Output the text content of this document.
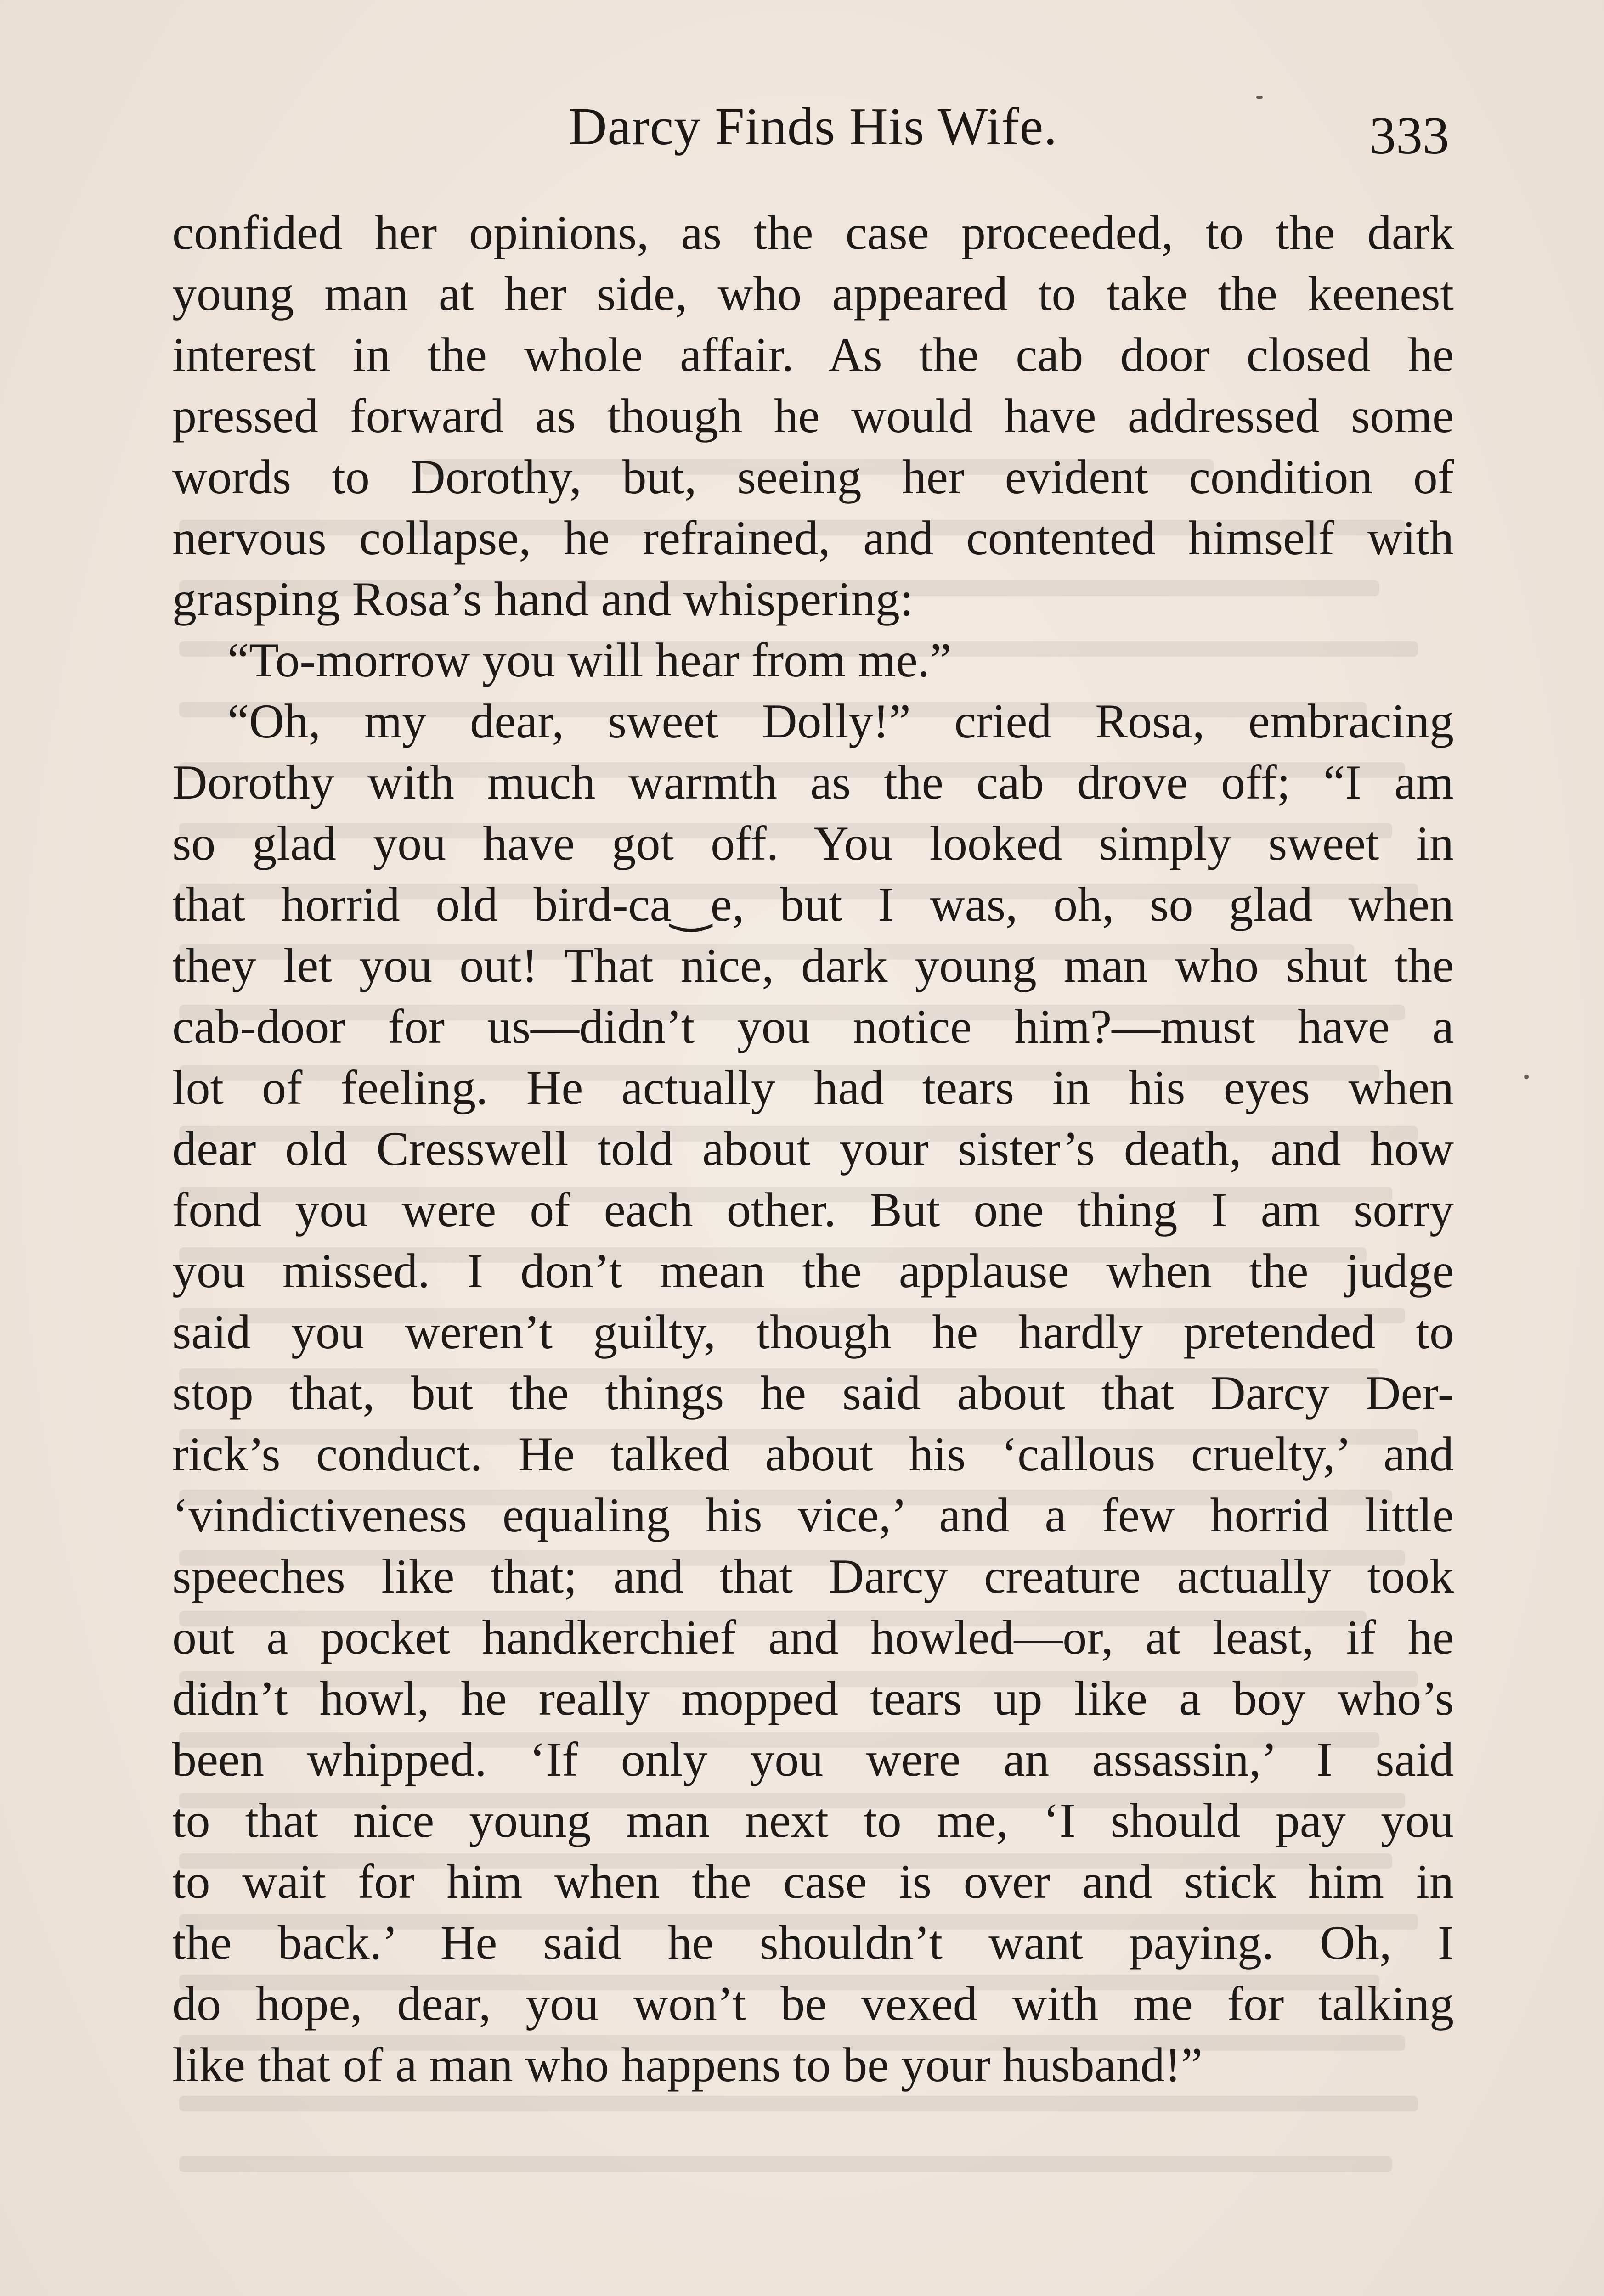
Darcy Finds His Wife.	333
confided her opinions, as the case proceeded, to the dark
young man at her side, who appeared to take the keenest
interest in the whole affair. As the cab door closed he
pressed forward as though he would have addressed some
words to Dorothy, but, seeing her evident condition of
nervous collapse, he refrained, and contented himself with
grasping Rosa’s hand and whispering:
“To-morrow you will hear from me.”
“Oh, my dear, sweet Dolly!” cried Rosa, embracing
Dorothy with much warmth as the cab drove off; “I am
so glad you have got off. You looked simply sweet in
that horrid old bird-ca‿e, but I was, oh, so glad when
they let you out! That nice, dark young man who shut the
cab-door for us—didn’t you notice him?—must have a
lot of feeling. He actually had tears in his eyes when
dear old Cresswell told about your sister’s death, and how
fond you were of each other. But one thing I am sorry
you missed. I don’t mean the applause when the judge
said you weren’t guilty, though he hardly pretended to
stop that, but the things he said about that Darcy Der-
rick’s conduct. He talked about his ‘callous cruelty,’ and
‘vindictiveness equaling his vice,’ and a few horrid little
speeches like that; and that Darcy creature actually took
out a pocket handkerchief and howled—or, at least, if he
didn’t howl, he really mopped tears up like a boy who’s
been whipped. ‘If only you were an assassin,’ I said
to that nice young man next to me, ‘I should pay you
to wait for him when the case is over and stick him in
the back.’ He said he shouldn’t want paying. Oh, I
do hope, dear, you won’t be vexed with me for talking
like that of a man who happens to be your husband!”
